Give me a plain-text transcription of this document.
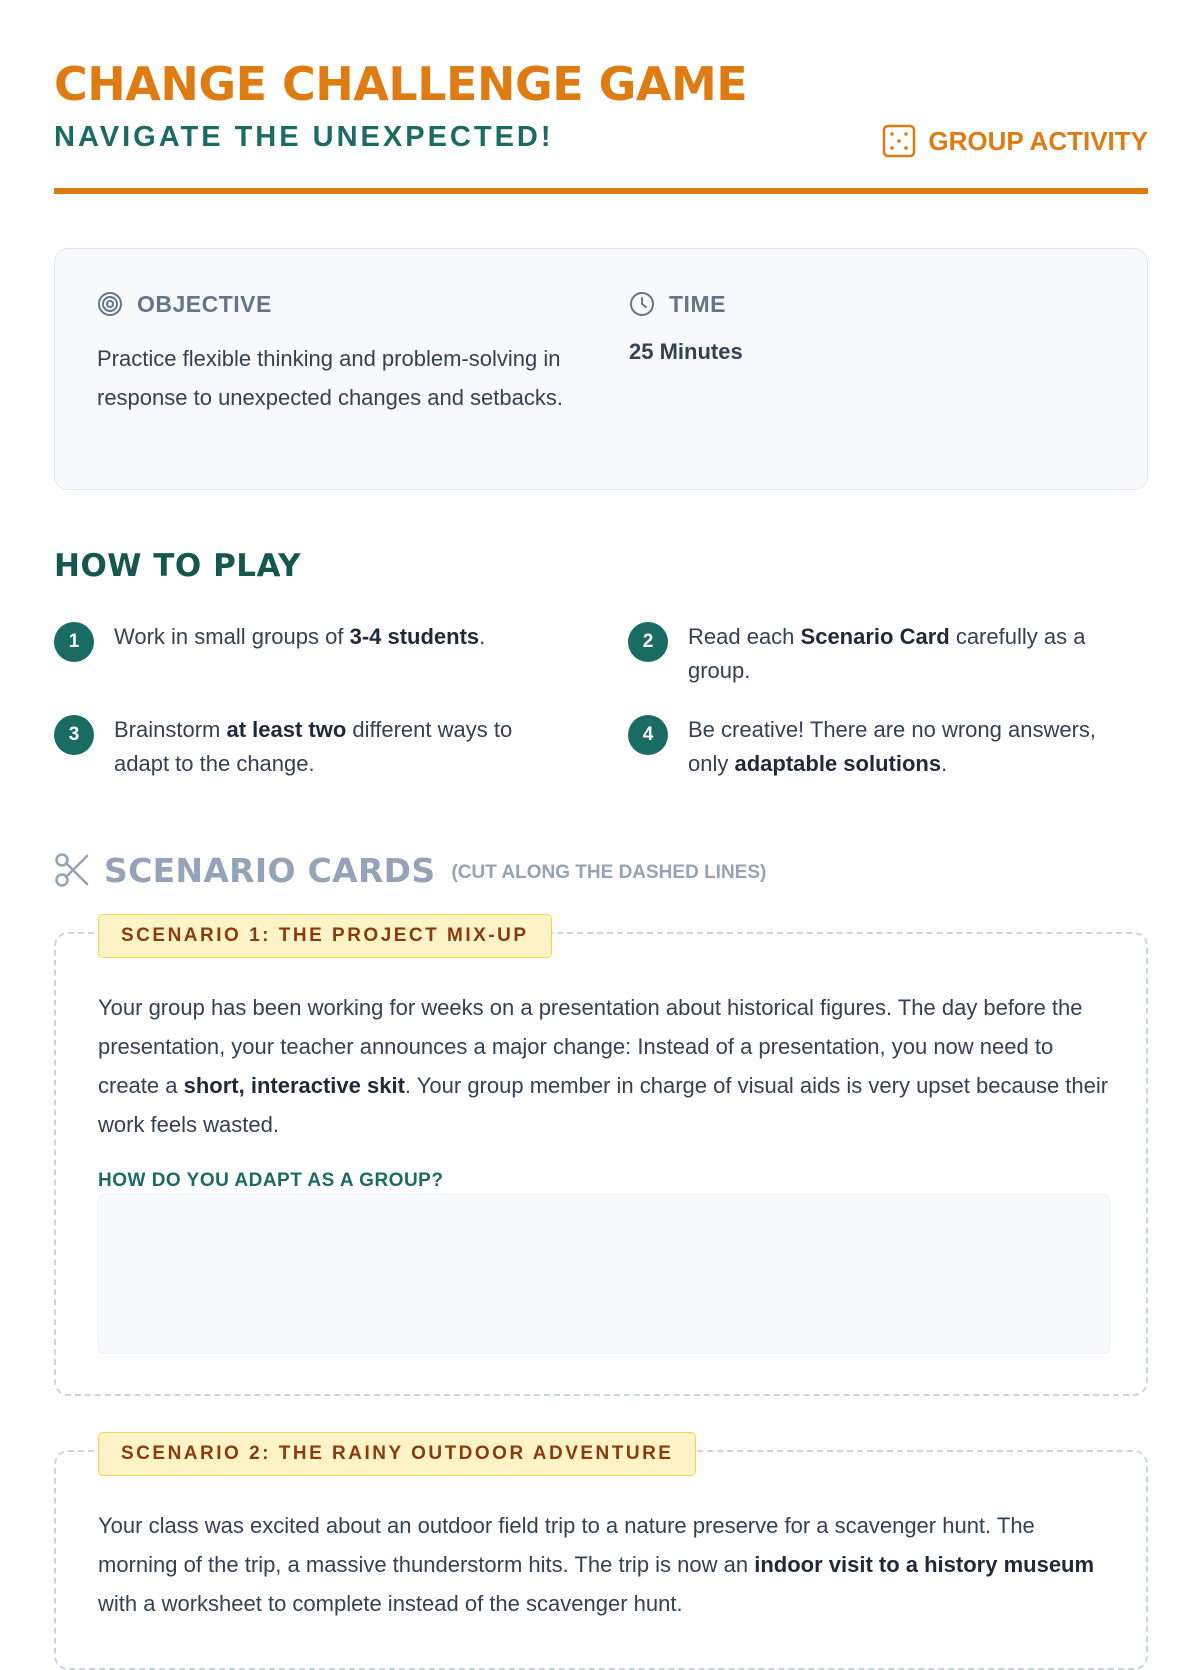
CHANGE CHALLENGE GAME
NAVIGATE THE UNEXPECTED!	GROUP ACTIVITY
OBJECTIVE
Practice flexible thinking and problem-solving in response to unexpected changes and setbacks.
TIME
25 Minutes
HOW TO PLAY
1	Work in small groups of 3-4 students.	2	Read each Scenario Card carefully as a group.
3	Brainstorm at least two different ways to adapt to the change.
4	Be creative! There are no wrong answers, only adaptable solutions.
SCENARIO CARDS (CUT ALONG THE DASHED LINES)
SCENARIO 1: THE PROJECT MIX-UP
Your group has been working for weeks on a presentation about historical figures. The day before the presentation, your teacher announces a major change: Instead of a presentation, you now need to create a short, interactive skit. Your group member in charge of visual aids is very upset because their work feels wasted.
HOW DO YOU ADAPT AS A GROUP?
SCENARIO 2: THE RAINY OUTDOOR ADVENTURE
Your class was excited about an outdoor field trip to a nature preserve for a scavenger hunt. The morning of the trip, a massive thunderstorm hits. The trip is now an indoor visit to a history museum with a worksheet to complete instead of the scavenger hunt.
